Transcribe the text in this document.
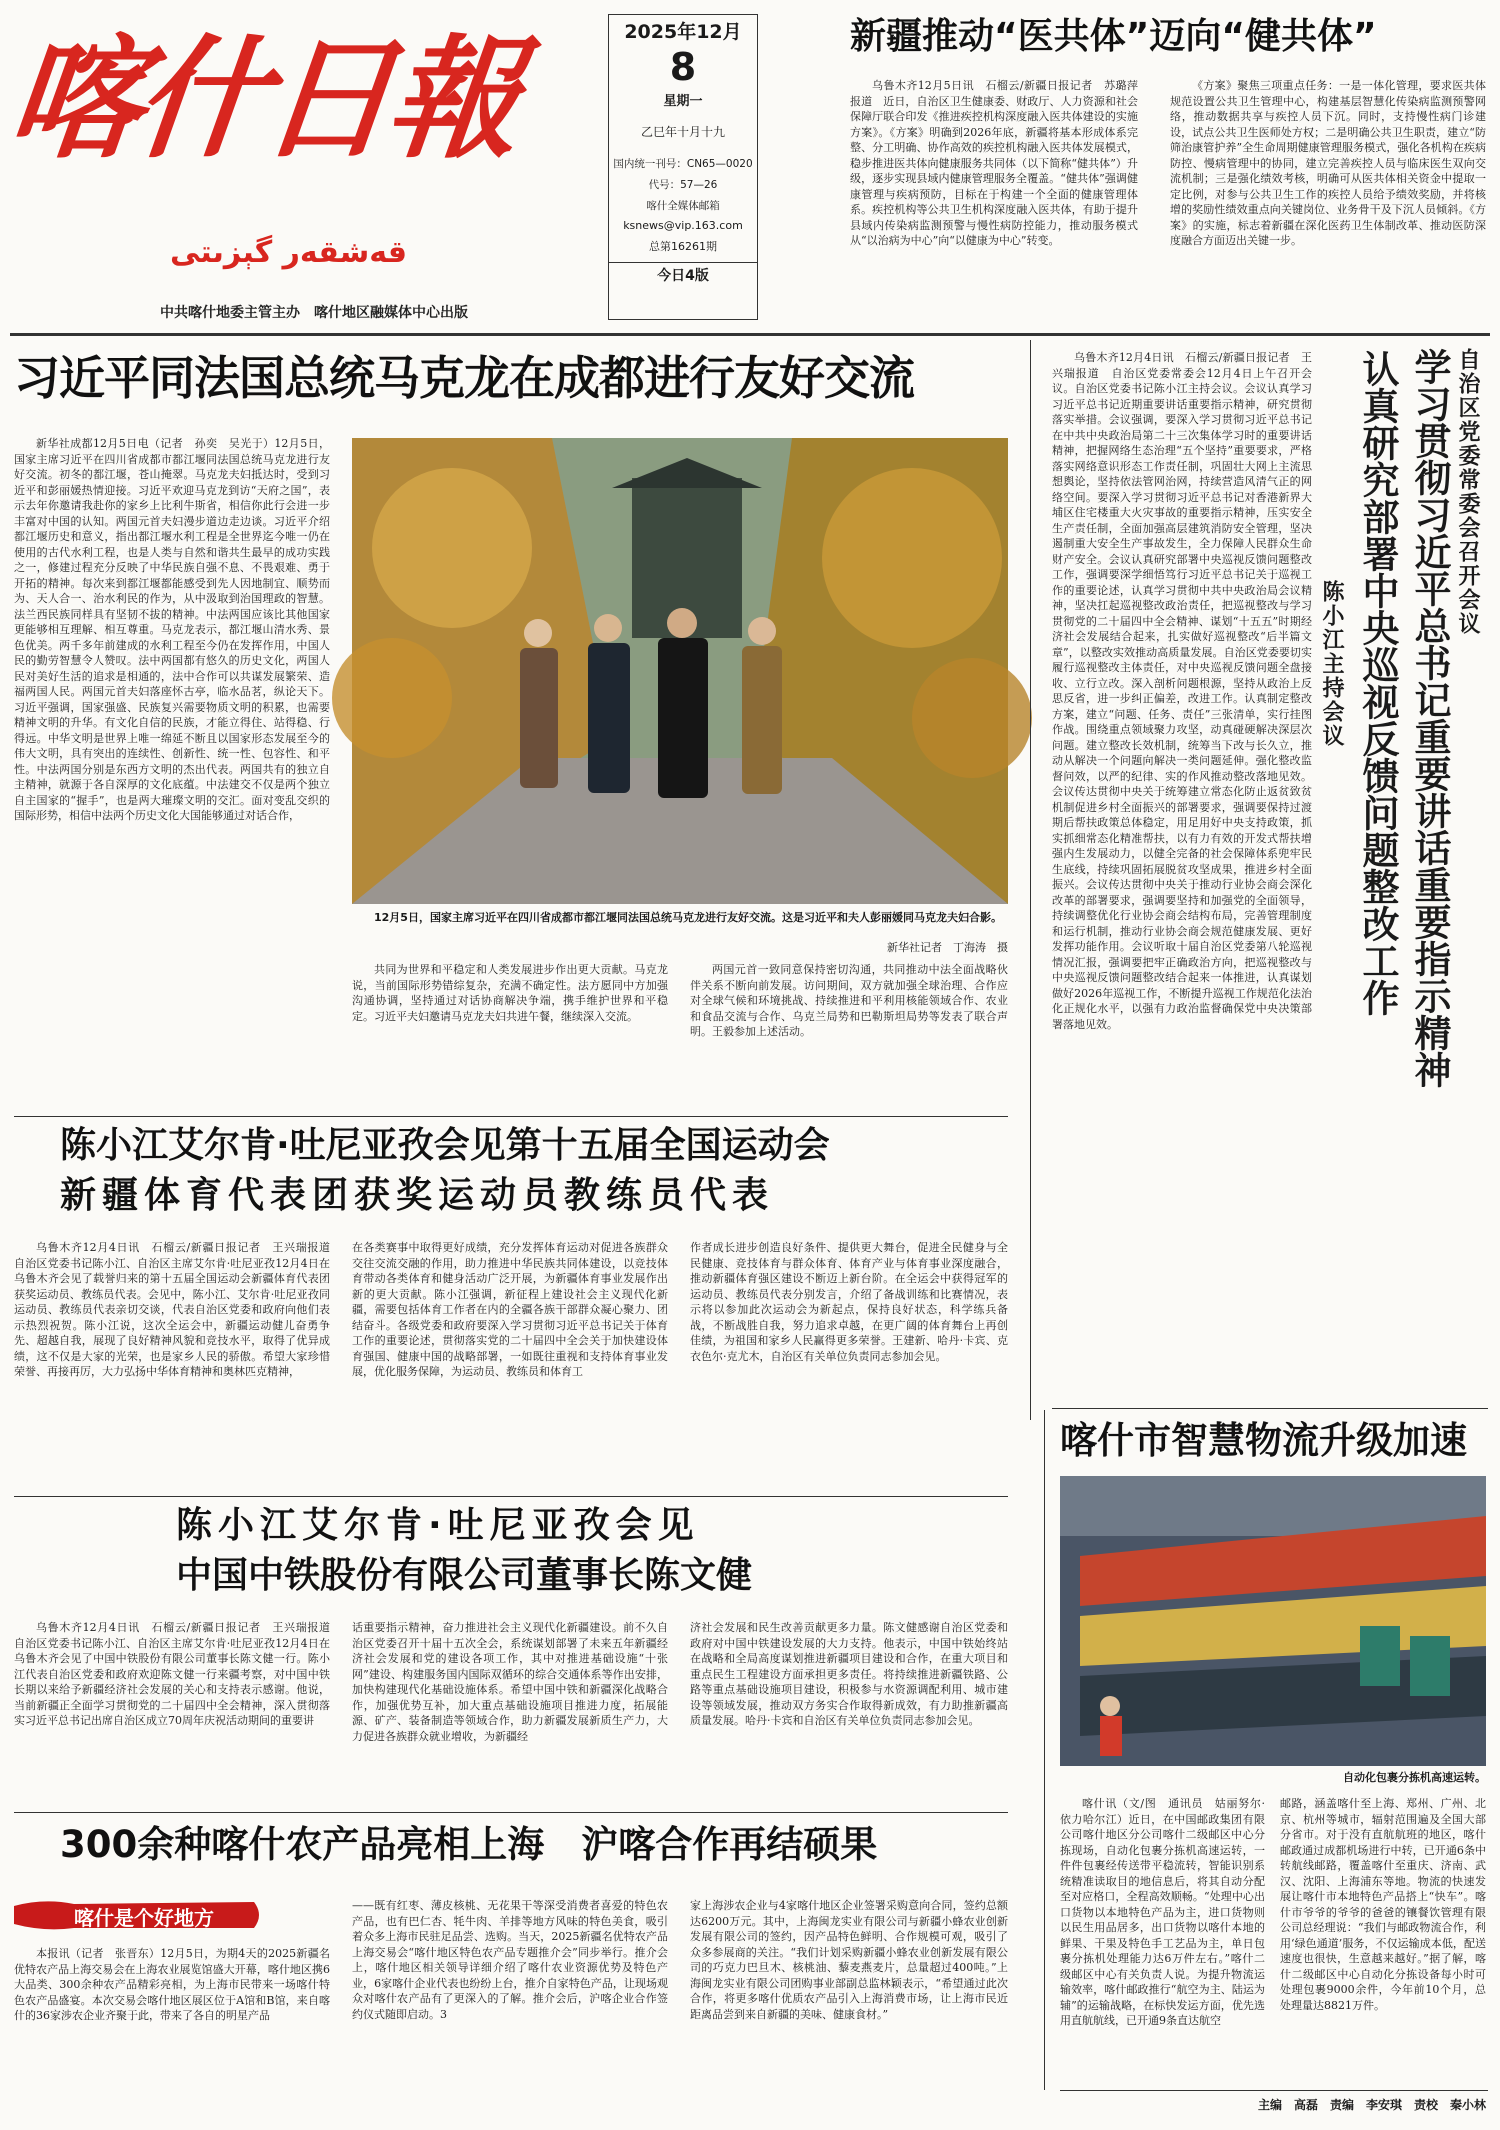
喀什日報
قەشقەر گېزىتى
中共喀什地委主管主办　喀什地区融媒体中心出版
2025年12月
8
星期一
乙巳年十月十九
国内统一刊号：CN65—0020
代号：57—26
喀什全媒体邮箱
ksnews@vip.163.com
总第16261期
今日4版
新疆推动“医共体”迈向“健共体”
乌鲁木齐12月5日讯　石榴云/新疆日报记者　苏璐萍报道　近日，自治区卫生健康委、财政厅、人力资源和社会保障厅联合印发《推进疾控机构深度融入医共体建设的实施方案》。《方案》明确到2026年底，新疆将基本形成体系完整、分工明确、协作高效的疾控机构融入医共体发展模式，稳步推进医共体向健康服务共同体（以下简称“健共体”）升级，逐步实现县域内健康管理服务全覆盖。“健共体”强调健康管理与疾病预防，目标在于构建一个全面的健康管理体系。疾控机构等公共卫生机构深度融入医共体，有助于提升县域内传染病监测预警与慢性病防控能力，推动服务模式从“以治病为中心”向“以健康为中心”转变。
《方案》聚焦三项重点任务：一是一体化管理，要求医共体规范设置公共卫生管理中心，构建基层智慧化传染病监测预警网络，推动数据共享与疾控人员下沉。同时，支持慢性病门诊建设，试点公共卫生医师处方权；二是明确公共卫生职责，建立“防筛治康管护养”全生命周期健康管理服务模式，强化各机构在疾病防控、慢病管理中的协同，建立完善疾控人员与临床医生双向交流机制；三是强化绩效考核，明确可从医共体相关资金中提取一定比例，对参与公共卫生工作的疾控人员给予绩效奖励，并将核增的奖励性绩效重点向关键岗位、业务骨干及下沉人员倾斜。《方案》的实施，标志着新疆在深化医药卫生体制改革、推动医防深度融合方面迈出关键一步。
习近平同法国总统马克龙在成都进行友好交流
新华社成都12月5日电（记者　孙奕　吴光于）12月5日，国家主席习近平在四川省成都市都江堰同法国总统马克龙进行友好交流。初冬的都江堰，苍山掩翠。马克龙夫妇抵达时，受到习近平和彭丽媛热情迎接。习近平欢迎马克龙到访“天府之国”，表示去年你邀请我赴你的家乡上比利牛斯省，相信你此行会进一步丰富对中国的认知。两国元首夫妇漫步道边走边谈。习近平介绍都江堰历史和意义，指出都江堰水利工程是全世界迄今唯一仍在使用的古代水利工程，也是人类与自然和谐共生最早的成功实践之一，修建过程充分反映了中华民族自强不息、不畏艰难、勇于开拓的精神。每次来到都江堰都能感受到先人因地制宜、顺势而为、天人合一、治水利民的作为，从中汲取到治国理政的智慧。法兰西民族同样具有坚韧不拔的精神。中法两国应该比其他国家更能够相互理解、相互尊重。马克龙表示，都江堰山清水秀、景色优美。两千多年前建成的水利工程至今仍在发挥作用，中国人民的勤劳智慧令人赞叹。法中两国都有悠久的历史文化，两国人民对美好生活的追求是相通的，法中合作可以共谋发展繁荣、造福两国人民。两国元首夫妇落座怀古亭，临水品茗，纵论天下。习近平强调，国家强盛、民族复兴需要物质文明的积累，也需要精神文明的升华。有文化自信的民族，才能立得住、站得稳、行得远。中华文明是世界上唯一绵延不断且以国家形态发展至今的伟大文明，具有突出的连续性、创新性、统一性、包容性、和平性。中法两国分别是东西方文明的杰出代表。两国共有的独立自主精神，就源于各自深厚的文化底蕴。中法建交不仅是两个独立自主国家的“握手”，也是两大璀璨文明的交汇。面对变乱交织的国际形势，相信中法两个历史文化大国能够通过对话合作，
12月5日，国家主席习近平在四川省成都市都江堰同法国总统马克龙进行友好交流。这是习近平和夫人彭丽媛同马克龙夫妇合影。
新华社记者　丁海涛　摄
共同为世界和平稳定和人类发展进步作出更大贡献。马克龙说，当前国际形势错综复杂，充满不确定性。法方愿同中方加强沟通协调，坚持通过对话协商解决争端，携手维护世界和平稳定。习近平夫妇邀请马克龙夫妇共进午餐，继续深入交流。
两国元首一致同意保持密切沟通，共同推动中法全面战略伙伴关系不断向前发展。访问期间，双方就加强全球治理、合作应对全球气候和环境挑战、持续推进和平利用核能领域合作、农业和食品交流与合作、乌克兰局势和巴勒斯坦局势等发表了联合声明。王毅参加上述活动。
自治区党委常委会召开会议
学习贯彻习近平总书记重要讲话重要指示精神
认真研究部署中央巡视反馈问题整改工作
陈小江主持会议
乌鲁木齐12月4日讯　石榴云/新疆日报记者　王兴瑞报道　自治区党委常委会12月4日上午召开会议。自治区党委书记陈小江主持会议。会议认真学习习近平总书记近期重要讲话重要指示精神，研究贯彻落实举措。会议强调，要深入学习贯彻习近平总书记在中共中央政治局第二十三次集体学习时的重要讲话精神，把握网络生态治理“五个坚持”重要要求，严格落实网络意识形态工作责任制，巩固壮大网上主流思想舆论，坚持依法管网治网，持续营造风清气正的网络空间。要深入学习贯彻习近平总书记对香港新界大埔区住宅楼重大火灾事故的重要指示精神，压实安全生产责任制，全面加强高层建筑消防安全管理，坚决遏制重大安全生产事故发生，全力保障人民群众生命财产安全。会议认真研究部署中央巡视反馈问题整改工作，强调要深学细悟笃行习近平总书记关于巡视工作的重要论述，认真学习贯彻中共中央政治局会议精神，坚决扛起巡视整改政治责任，把巡视整改与学习贯彻党的二十届四中全会精神、谋划“十五五”时期经济社会发展结合起来，扎实做好巡视整改“后半篇文章”，以整改实效推动高质量发展。自治区党委要切实履行巡视整改主体责任，对中央巡视反馈问题全盘接收、立行立改。深入剖析问题根源，坚持从政治上反思反省，进一步纠正偏差，改进工作。认真制定整改方案，建立“问题、任务、责任”三张清单，实行挂图作战。围绕重点领域聚力攻坚，动真碰硬解决深层次问题。建立整改长效机制，统筹当下改与长久立，推动从解决一个问题向解决一类问题延伸。强化整改监督问效，以严的纪律、实的作风推动整改落地见效。会议传达贯彻中央关于统筹建立常态化防止返贫致贫机制促进乡村全面振兴的部署要求，强调要保持过渡期后帮扶政策总体稳定，用足用好中央支持政策，抓实抓细常态化精准帮扶，以有力有效的开发式帮扶增强内生发展动力，以健全完备的社会保障体系兜牢民生底线，持续巩固拓展脱贫攻坚成果，推进乡村全面振兴。会议传达贯彻中央关于推动行业协会商会深化改革的部署要求，强调要坚持和加强党的全面领导，持续调整优化行业协会商会结构布局，完善管理制度和运行机制，推动行业协会商会规范健康发展、更好发挥功能作用。会议听取十届自治区党委第八轮巡视情况汇报，强调要把牢正确政治方向，把巡视整改与中央巡视反馈问题整改结合起来一体推进，认真谋划做好2026年巡视工作，不断提升巡视工作规范化法治化正规化水平，以强有力政治监督确保党中央决策部署落地见效。
陈小江艾尔肯·吐尼亚孜会见第十五届全国运动会
新疆体育代表团获奖运动员教练员代表
乌鲁木齐12月4日讯　石榴云/新疆日报记者　王兴瑞报道　自治区党委书记陈小江、自治区主席艾尔肯·吐尼亚孜12月4日在乌鲁木齐会见了载誉归来的第十五届全国运动会新疆体育代表团获奖运动员、教练员代表。会见中，陈小江、艾尔肯·吐尼亚孜同运动员、教练员代表亲切交谈，代表自治区党委和政府向他们表示热烈祝贺。陈小江说，这次全运会中，新疆运动健儿奋勇争先、超越自我，展现了良好精神风貌和竞技水平，取得了优异成绩，这不仅是大家的光荣，也是家乡人民的骄傲。希望大家珍惜荣誉、再接再厉，大力弘扬中华体育精神和奥林匹克精神，
在各类赛事中取得更好成绩，充分发挥体育运动对促进各族群众交往交流交融的作用，助力推进中华民族共同体建设，以竞技体育带动各类体育和健身活动广泛开展，为新疆体育事业发展作出新的更大贡献。陈小江强调，新征程上建设社会主义现代化新疆，需要包括体育工作者在内的全疆各族干部群众凝心聚力、团结奋斗。各级党委和政府要深入学习贯彻习近平总书记关于体育工作的重要论述，贯彻落实党的二十届四中全会关于加快建设体育强国、健康中国的战略部署，一如既往重视和支持体育事业发展，优化服务保障，为运动员、教练员和体育工
作者成长进步创造良好条件、提供更大舞台，促进全民健身与全民健康、竞技体育与群众体育、体育产业与体育事业深度融合，推动新疆体育强区建设不断迈上新台阶。在全运会中获得冠军的运动员、教练员代表分别发言，介绍了备战训练和比赛情况，表示将以参加此次运动会为新起点，保持良好状态，科学练兵备战，不断战胜自我，努力追求卓越，在更广阔的体育舞台上再创佳绩，为祖国和家乡人民赢得更多荣誉。王建新、哈丹·卡宾、克衣色尔·克尤木，自治区有关单位负责同志参加会见。
陈小江艾尔肯·吐尼亚孜会见
中国中铁股份有限公司董事长陈文健
乌鲁木齐12月4日讯　石榴云/新疆日报记者　王兴瑞报道　自治区党委书记陈小江、自治区主席艾尔肯·吐尼亚孜12月4日在乌鲁木齐会见了中国中铁股份有限公司董事长陈文健一行。陈小江代表自治区党委和政府欢迎陈文健一行来疆考察，对中国中铁长期以来给予新疆经济社会发展的关心和支持表示感谢。他说，当前新疆正全面学习贯彻党的二十届四中全会精神，深入贯彻落实习近平总书记出席自治区成立70周年庆祝活动期间的重要讲
话重要指示精神，奋力推进社会主义现代化新疆建设。前不久自治区党委召开十届十五次全会，系统谋划部署了未来五年新疆经济社会发展和党的建设各项工作，其中对推进基础设施“十张网”建设、构建服务国内国际双循环的综合交通体系等作出安排，加快构建现代化基础设施体系。希望中国中铁和新疆深化战略合作，加强优势互补，加大重点基础设施项目推进力度，拓展能源、矿产、装备制造等领域合作，助力新疆发展新质生产力，大力促进各族群众就业增收，为新疆经
济社会发展和民生改善贡献更多力量。陈文健感谢自治区党委和政府对中国中铁建设发展的大力支持。他表示，中国中铁始终站在战略和全局高度谋划推进新疆项目建设和合作，在重大项目和重点民生工程建设方面承担更多责任。将持续推进新疆铁路、公路等重点基础设施项目建设，积极参与水资源调配利用、城市建设等领域发展，推动双方务实合作取得新成效，有力助推新疆高质量发展。哈丹·卡宾和自治区有关单位负责同志参加会见。
喀什市智慧物流升级加速
自动化包裹分拣机高速运转。
喀什讯（文/图　通讯员　姑丽努尔·依力哈尔江）近日，在中国邮政集团有限公司喀什地区分公司喀什二级邮区中心分拣现场，自动化包裹分拣机高速运转，一件件包裹经传送带平稳流转，智能识别系统精准读取目的地信息后，将其自动分配至对应格口，全程高效顺畅。“处理中心出口货物以本地特色产品为主，进口货物则以民生用品居多，出口货物以喀什本地的鲜果、干果及特色手工艺品为主，单日包裹分拣机处理能力达6万件左右。”喀什二级邮区中心有关负责人说。为提升物流运输效率，喀什邮政推行“航空为主、陆运为辅”的运输战略，在标快发运方面，优先选用直航航线，已开通9条直达航空
邮路，涵盖喀什至上海、郑州、广州、北京、杭州等城市，辐射范围遍及全国大部分省市。对于没有直航航班的地区，喀什邮政通过成都机场进行中转，已开通6条中转航线邮路，覆盖喀什至重庆、济南、武汉、沈阳、上海浦东等地。物流的快速发展让喀什市本地特色产品搭上“快车”。喀什市爷爷的爷爷的爸爸的镶餐饮管理有限公司总经理说：“我们与邮政物流合作，利用‘绿色通道’服务，不仅运输成本低，配送速度也很快，生意越来越好。”据了解，喀什二级邮区中心自动化分拣设备每小时可处理包裹9000余件，今年前10个月，总处理量达8821万件。
300余种喀什农产品亮相上海　沪喀合作再结硕果
喀什是个好地方
本报讯（记者　张晋东）12月5日，为期4天的2025新疆名优特农产品上海交易会在上海农业展览馆盛大开幕，喀什地区携6大品类、300余种农产品精彩亮相，为上海市民带来一场喀什特色农产品盛宴。本次交易会喀什地区展区位于A馆和B馆，来自喀什的36家涉农企业齐聚于此，带来了各自的明星产品
——既有红枣、薄皮核桃、无花果干等深受消费者喜爱的特色农产品，也有巴仁杏、牦牛肉、羊排等地方风味的特色美食，吸引着众多上海市民驻足品尝、选购。当天，2025新疆名优特农产品上海交易会“喀什地区特色农产品专题推介会”同步举行。推介会上，喀什地区相关领导详细介绍了喀什农业资源优势及特色产业，6家喀什企业代表也纷纷上台，推介自家特色产品，让现场观众对喀什农产品有了更深入的了解。推介会后，沪喀企业合作签约仪式随即启动。3
家上海涉农企业与4家喀什地区企业签署采购意向合同，签约总额达6200万元。其中，上海闽龙实业有限公司与新疆小蜂农业创新发展有限公司的签约，因产品特色鲜明、合作规模可观，吸引了众多参展商的关注。“我们计划采购新疆小蜂农业创新发展有限公司的巧克力巴旦木、核桃油、藜麦燕麦片，总量超过400吨。”上海闽龙实业有限公司团购事业部副总监林颖表示，“希望通过此次合作，将更多喀什优质农产品引入上海消费市场，让上海市民近距离品尝到来自新疆的美味、健康食材。”
主编　高磊　责编　李安琪　责校　秦小林
